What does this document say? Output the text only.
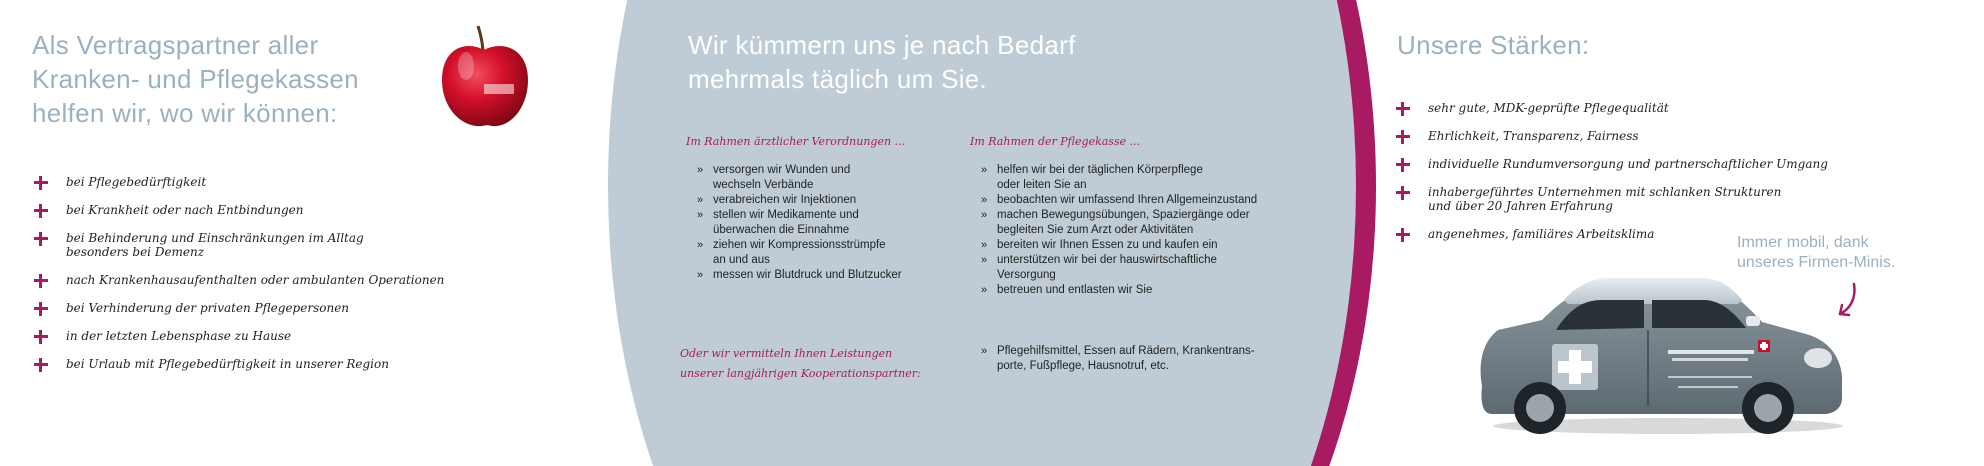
Als Vertragspartner aller
Kranken- und Pflegekassen
helfen wir, wo wir können:
bei Pflegebedürftigkeit
bei Krankheit oder nach Entbindungen
bei Behinderung und Einschränkungen im Alltag
besonders bei Demenz
nach Krankenhausaufenthalten oder ambulanten Operationen
bei Verhinderung der privaten Pflegepersonen
in der letzten Lebensphase zu Hause
bei Urlaub mit Pflegebedürftigkeit in unserer Region
Wir kümmern uns je nach Bedarf
mehrmals täglich um Sie.

Im Rahmen ärztlicher Verordnungen ...	Im Rahmen der Pflegekasse ...

» versorgen wir Wunden und
wechseln Verbände
» verabreichen wir Injektionen
» stellen wir Medikamente und
überwachen die Einnahme
» ziehen wir Kompressionsstrümpfe
an und aus
» messen wir Blutdruck und Blutzucker
» helfen wir bei der täglichen Körperpflege
oder leiten Sie an
» beobachten wir umfassend Ihren Allgemeinzustand
» machen Bewegungsübungen, Spaziergänge oder
begleiten Sie zum Arzt oder Aktivitäten
» bereiten wir Ihnen Essen zu und kaufen ein
» unterstützen wir bei der hauswirtschaftliche
Versorgung
» betreuen und entlasten wir Sie

Oder wir vermitteln Ihnen Leistungen
unserer langjährigen Kooperationspartner:

» Pflegehilfsmittel, Essen auf Rädern, Krankentrans-
porte, Fußpflege, Hausnotruf, etc.
Unsere Stärken:
sehr gute, MDK-geprüfte Pflegequalität
Ehrlichkeit, Transparenz, Fairness
individuelle Rundumversorgung und partnerschaftlicher Umgang
inhabergeführtes Unternehmen mit schlanken Strukturen
und über 20 Jahren Erfahrung
angenehmes, familiäres Arbeitsklima	Immer mobil, dank
unseres Firmen-Minis.
